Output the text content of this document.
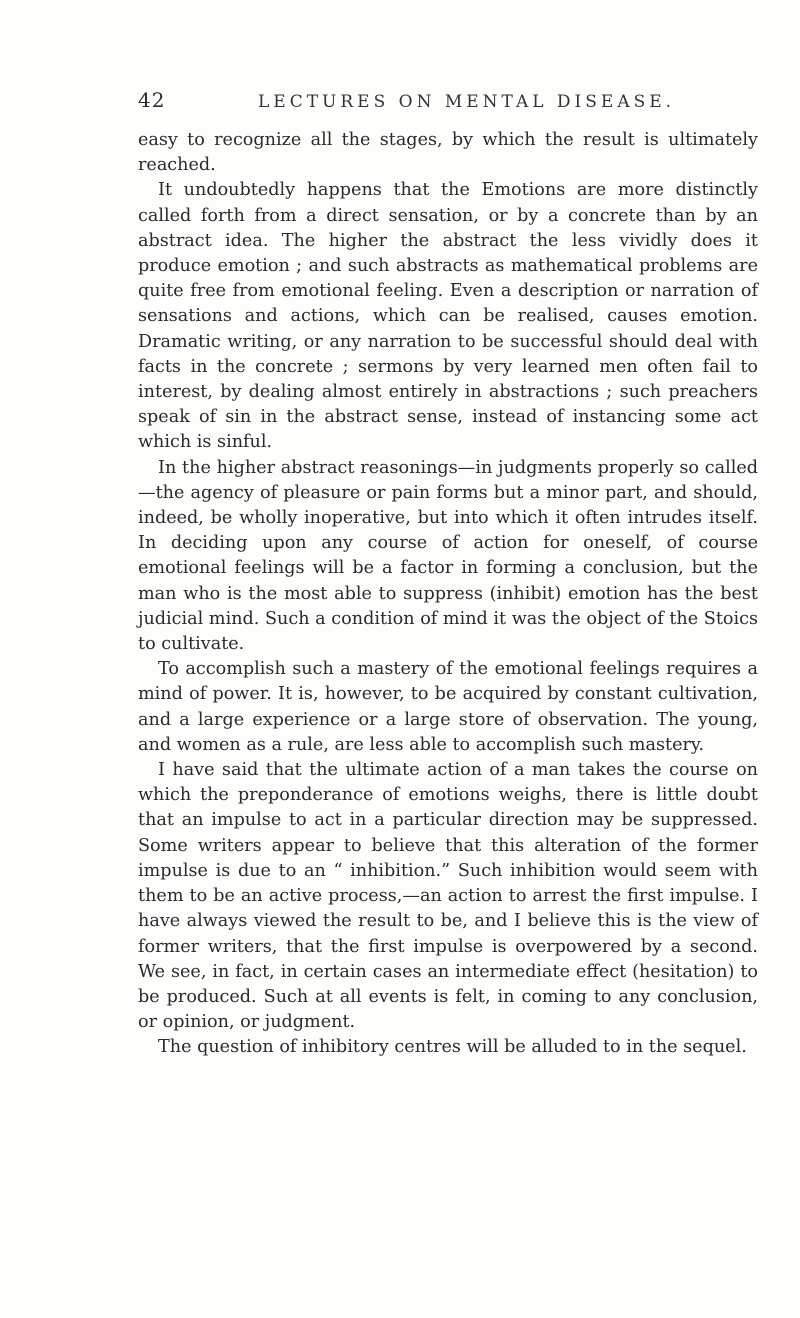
42	LECTURES ON MENTAL DISEASE.

easy to recognize all the stages, by which the result is ultimately reached.

It undoubtedly happens that the Emotions are more distinctly called forth from a direct sensation, or by a concrete than by an abstract idea. The higher the abstract the less vividly does it produce emotion ; and such abstracts as mathematical problems are quite free from emotional feeling. Even a description or narration of sensations and actions, which can be realised, causes emotion. Dramatic writing, or any narration to be successful should deal with facts in the concrete ; sermons by very learned men often fail to interest, by dealing almost entirely in abstractions ; such preachers speak of sin in the abstract sense, instead of instancing some act which is sinful.

In the higher abstract reasonings—in judgments properly so called—the agency of pleasure or pain forms but a minor part, and should, indeed, be wholly inoperative, but into which it often intrudes itself. In deciding upon any course of action for oneself, of course emotional feelings will be a factor in forming a conclusion, but the man who is the most able to suppress (inhibit) emotion has the best judicial mind. Such a condition of mind it was the object of the Stoics to cultivate.

To accomplish such a mastery of the emotional feelings requires a mind of power. It is, however, to be acquired by constant cultivation, and a large experience or a large store of observation. The young, and women as a rule, are less able to accomplish such mastery.

I have said that the ultimate action of a man takes the course on which the preponderance of emotions weighs, there is little doubt that an impulse to act in a particular direction may be suppressed. Some writers appear to believe that this alteration of the former impulse is due to an “ inhibition.” Such inhibition would seem with them to be an active process,—an action to arrest the first impulse. I have always viewed the result to be, and I believe this is the view of former writers, that the first impulse is overpowered by a second. We see, in fact, in certain cases an intermediate effect (hesitation) to be produced. Such at all events is felt, in coming to any conclusion, or opinion, or judgment.

The question of inhibitory centres will be alluded to in the sequel.
